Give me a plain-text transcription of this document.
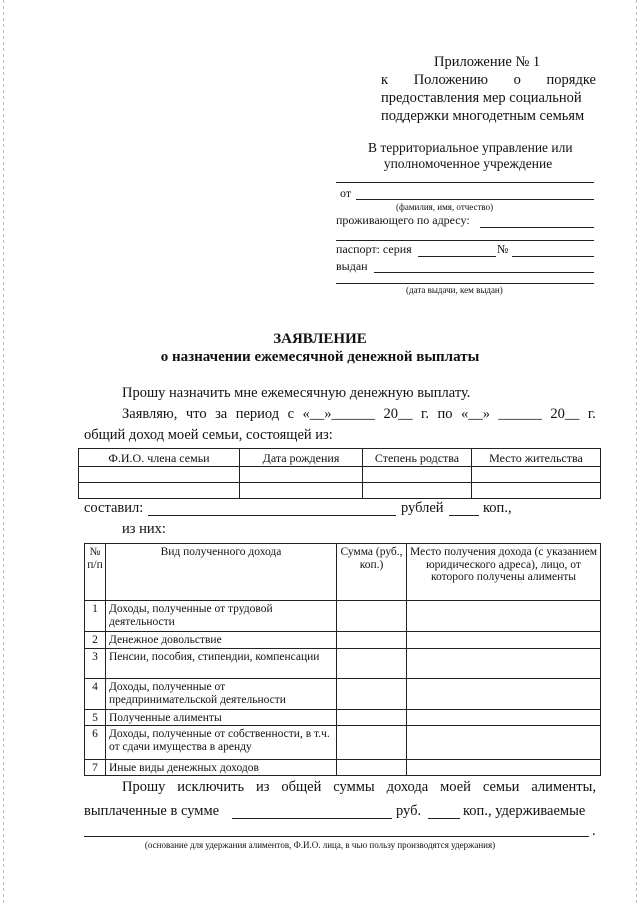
Приложение № 1
к Положению о порядке
предоставления мер социальной
поддержки многодетным семьям
В территориальное управление или
уполномоченное учреждение
от
(фамилия, имя, отчество)
проживающего по адресу:
паспорт: серия	№
выдан
(дата выдачи, кем выдан)
ЗАЯВЛЕНИЕ
о назначении ежемесячной денежной выплаты
Прошу назначить мне ежемесячную денежную выплату.
Заявляю, что за период с «__»______ 20__ г. по «__» ______ 20__ г.
общий доход моей семьи, состоящей из:
Ф.И.О. члена семьи	Дата рождения	Степень родства	Место жительства

составил:	рублей	коп.,
из них:
№ п/п	Вид полученного дохода	Сумма (руб., коп.)	Место получения дохода (с указанием юридического адреса), лицо, от которого получены алименты
1	Доходы, полученные от трудовой деятельности		
2	Денежное довольствие		
3	Пенсии, пособия, стипендии, компенсации		
4	Доходы, полученные от предпринимательской деятельности		
5	Полученные алименты		
6	Доходы, полученные от собственности, в т.ч. от сдачи имущества в аренду		
7	Иные виды денежных доходов		
Прошу исключить из общей суммы дохода моей семьи алименты,
выплаченные в сумме	руб.	коп., удерживаемые
.
(основание для удержания алиментов, Ф.И.О. лица, в чью пользу производятся удержания)
